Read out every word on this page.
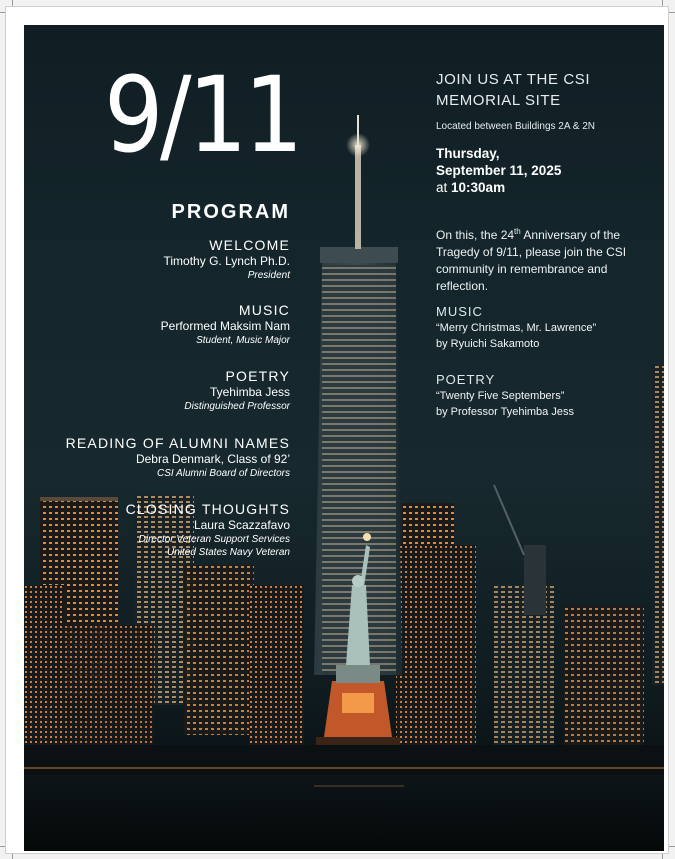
9/11
PROGRAM
WELCOME
Timothy G. Lynch Ph.D.
President
MUSIC
Performed Maksim Nam
Student, Music Major
POETRY
Tyehimba Jess
Distinguished Professor
READING OF ALUMNI NAMES
Debra Denmark, Class of 92’
CSI Alumni Board of Directors
CLOSING THOUGHTS
Laura Scazzafavo
Director Veteran Support Services
United States Navy Veteran
JOIN US AT THE CSI
MEMORIAL SITE
Located between Buildings 2A & 2N
Thursday,
September 11, 2025
at 10:30am
On this, the 24th Anniversary of the Tragedy of 9/11, please join the CSI community in remembrance and reflection.
MUSIC
“Merry Christmas, Mr. Lawrence”
by Ryuichi Sakamoto
POETRY
“Twenty Five Septembers”
by Professor Tyehimba Jess
